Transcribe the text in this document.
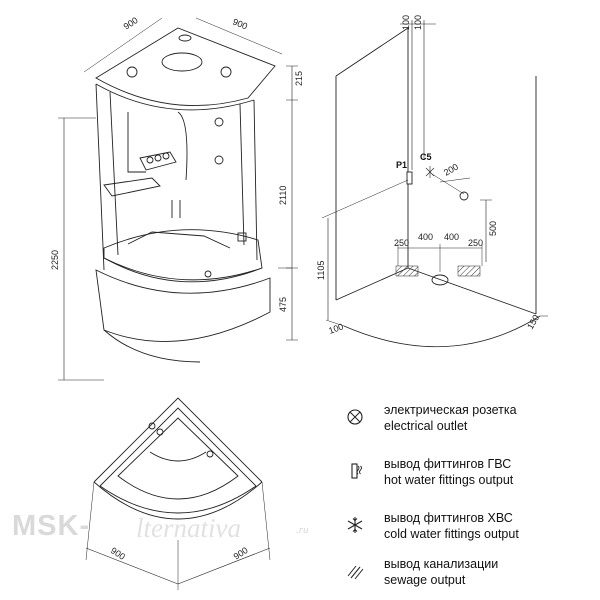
900	900
215
2250
2110
475
900	900
100 100
P1
C5
200
250
400 400
250
500
1105
100	150
электрическая розетка
electrical outlet
вывод фиттингов ГВС
hot water fittings output
вывод фиттингов ХВС
cold water fittings output
вывод канализации
sewage output
MSK- lternativa	.ru
